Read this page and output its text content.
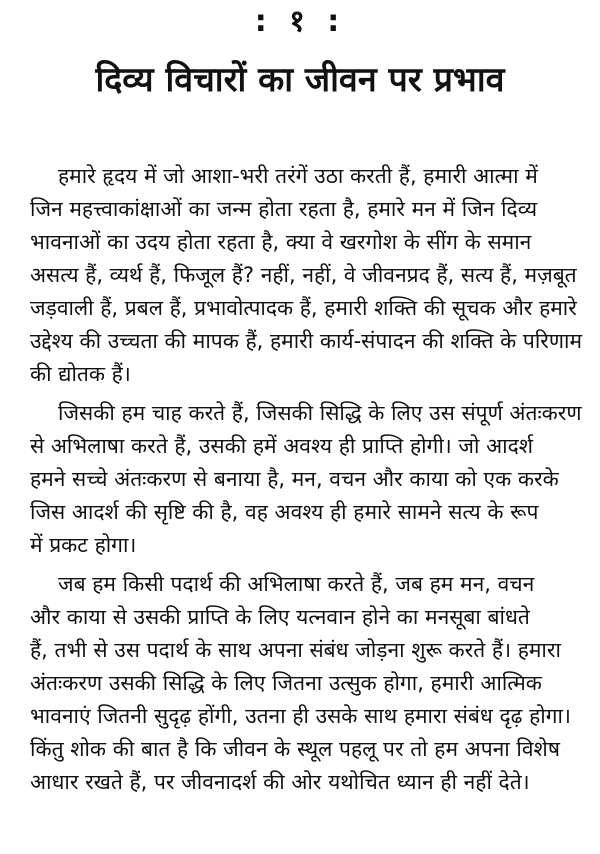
: १ :
दिव्य विचारों का जीवन पर प्रभाव
हमारे हृदय में जो आशा-भरी तरंगें उठा करती हैं, हमारी आत्मा में
जिन महत्त्वाकांक्षाओं का जन्म होता रहता है, हमारे मन में जिन दिव्य
भावनाओं का उदय होता रहता है, क्या वे खरगोश के सींग के समान
असत्य हैं, व्यर्थ हैं, फिजूल हैं? नहीं, नहीं, वे जीवनप्रद हैं, सत्य हैं, मज़बूत
जड़वाली हैं, प्रबल हैं, प्रभावोत्पादक हैं, हमारी शक्ति की सूचक और हमारे
उद्देश्य की उच्चता की मापक हैं, हमारी कार्य-संपादन की शक्ति के परिणाम
की द्योतक हैं।
जिसकी हम चाह करते हैं, जिसकी सिद्धि के लिए उस संपूर्ण अंतःकरण
से अभिलाषा करते हैं, उसकी हमें अवश्य ही प्राप्ति होगी। जो आदर्श
हमने सच्चे अंतःकरण से बनाया है, मन, वचन और काया को एक करके
जिस आदर्श की सृष्टि की है, वह अवश्य ही हमारे सामने सत्य के रूप
में प्रकट होगा।
जब हम किसी पदार्थ की अभिलाषा करते हैं, जब हम मन, वचन
और काया से उसकी प्राप्ति के लिए यत्नवान होने का मनसूबा बांधते
हैं, तभी से उस पदार्थ के साथ अपना संबंध जोड़ना शुरू करते हैं। हमारा
अंतःकरण उसकी सिद्धि के लिए जितना उत्सुक होगा, हमारी आत्मिक
भावनाएं जितनी सुदृढ़ होंगी, उतना ही उसके साथ हमारा संबंध दृढ़ होगा।
किंतु शोक की बात है कि जीवन के स्थूल पहलू पर तो हम अपना विशेष
आधार रखते हैं, पर जीवनादर्श की ओर यथोचित ध्यान ही नहीं देते।
